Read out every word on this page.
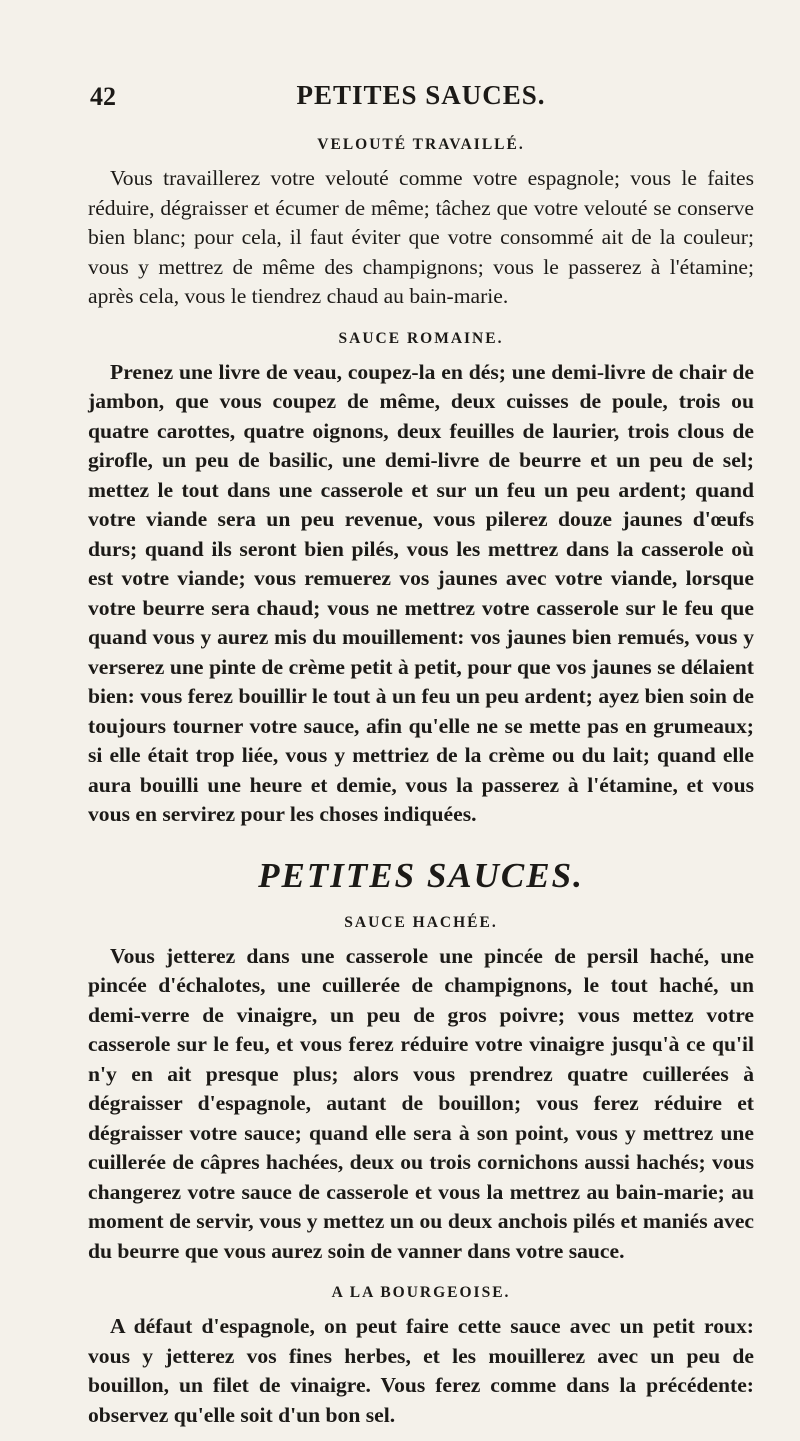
42	PETITES SAUCES.
VELOUTÉ TRAVAILLÉ.

Vous travaillerez votre velouté comme votre espagnole; vous le faites réduire, dégraisser et écumer de même; tâchez que votre velouté se conserve bien blanc; pour cela, il faut éviter que votre consommé ait de la couleur; vous y mettrez de même des champignons; vous le passerez à l'étamine; après cela, vous le tiendrez chaud au bain-marie.

SAUCE ROMAINE.

Prenez une livre de veau, coupez-la en dés; une demi-livre de chair de jambon, que vous coupez de même, deux cuisses de poule, trois ou quatre carottes, quatre oignons, deux feuilles de laurier, trois clous de girofle, un peu de basilic, une demi-livre de beurre et un peu de sel; mettez le tout dans une casserole et sur un feu un peu ardent; quand votre viande sera un peu revenue, vous pilerez douze jaunes d'œufs durs; quand ils seront bien pilés, vous les mettrez dans la casserole où est votre viande; vous remuerez vos jaunes avec votre viande, lorsque votre beurre sera chaud; vous ne mettrez votre casserole sur le feu que quand vous y aurez mis du mouillement: vos jaunes bien remués, vous y verserez une pinte de crème petit à petit, pour que vos jaunes se délaient bien: vous ferez bouillir le tout à un feu un peu ardent; ayez bien soin de toujours tourner votre sauce, afin qu'elle ne se mette pas en grumeaux; si elle était trop liée, vous y mettriez de la crème ou du lait; quand elle aura bouilli une heure et demie, vous la passerez à l'étamine, et vous vous en servirez pour les choses indiquées.

PETITES SAUCES.
SAUCE HACHÉE.

Vous jetterez dans une casserole une pincée de persil haché, une pincée d'échalotes, une cuillerée de champignons, le tout haché, un demi-verre de vinaigre, un peu de gros poivre; vous mettez votre casserole sur le feu, et vous ferez réduire votre vinaigre jusqu'à ce qu'il n'y en ait presque plus; alors vous prendrez quatre cuillerées à dégraisser d'espagnole, autant de bouillon; vous ferez réduire et dégraisser votre sauce; quand elle sera à son point, vous y mettrez une cuillerée de câpres hachées, deux ou trois cornichons aussi hachés; vous changerez votre sauce de casserole et vous la mettrez au bain-marie; au moment de servir, vous y mettez un ou deux anchois pilés et maniés avec du beurre que vous aurez soin de vanner dans votre sauce.

A LA BOURGEOISE.

A défaut d'espagnole, on peut faire cette sauce avec un petit roux: vous y jetterez vos fines herbes, et les mouillerez avec un peu de bouillon, un filet de vinaigre. Vous ferez comme dans la précédente: observez qu'elle soit d'un bon sel.
